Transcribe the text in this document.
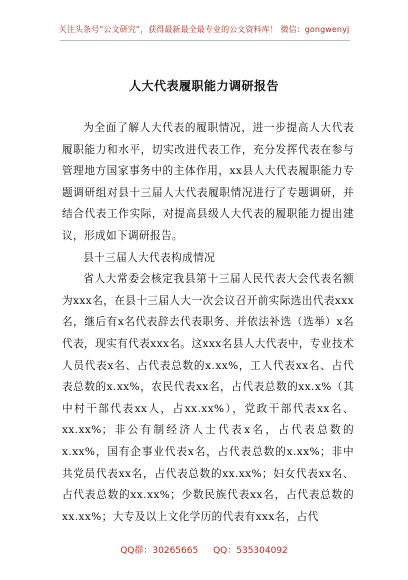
关注头条号“公文研究”，获得最新最全最专业的公文资料库！ 微信：gongwenyj
人大代表履职能力调研报告

为全面了解人大代表的履职情况，进一步提高人大代表履职能力和水平，切实改进代表工作，充分发挥代表在参与管理地方国家事务中的主体作用，xx县人大代表履职能力专题调研组对县十三届人大代表履职情况进行了专题调研，并结合代表工作实际，对提高县级人大代表的履职能力提出建议，形成如下调研报告。

县十三届人大代表构成情况

省人大常委会核定我县第十三届人民代表大会代表名额为xxx名，在县十三届人大一次会议召开前实际选出代表xxx名，继后有x名代表辞去代表职务、并依法补选（选举）x名代表，现实有代表xxx名。这xxx名县人大代表中，专业技术人员代表x名、占代表总数的x.xx%，工人代表xx名、占代表总数的x.xx%，农民代表xx名，占代表总数的xx.x%（其中村干部代表xx人，占xx.xx%），党政干部代表xx名、xx.xx%；非公有制经济人士代表x名，占代表总数的x.xx%，国有企事业代表x名，占代表总数的x.xx%；非中共党员代表xx名，占代表总数的xx.xx%；妇女代表xx名、占代表总数的xx.xx%；少数民族代表xx名，占代表总数的xx.xx%；大专及以上文化学历的代表有xxx名，占代

QQ群：30265665 QQ：535304092
